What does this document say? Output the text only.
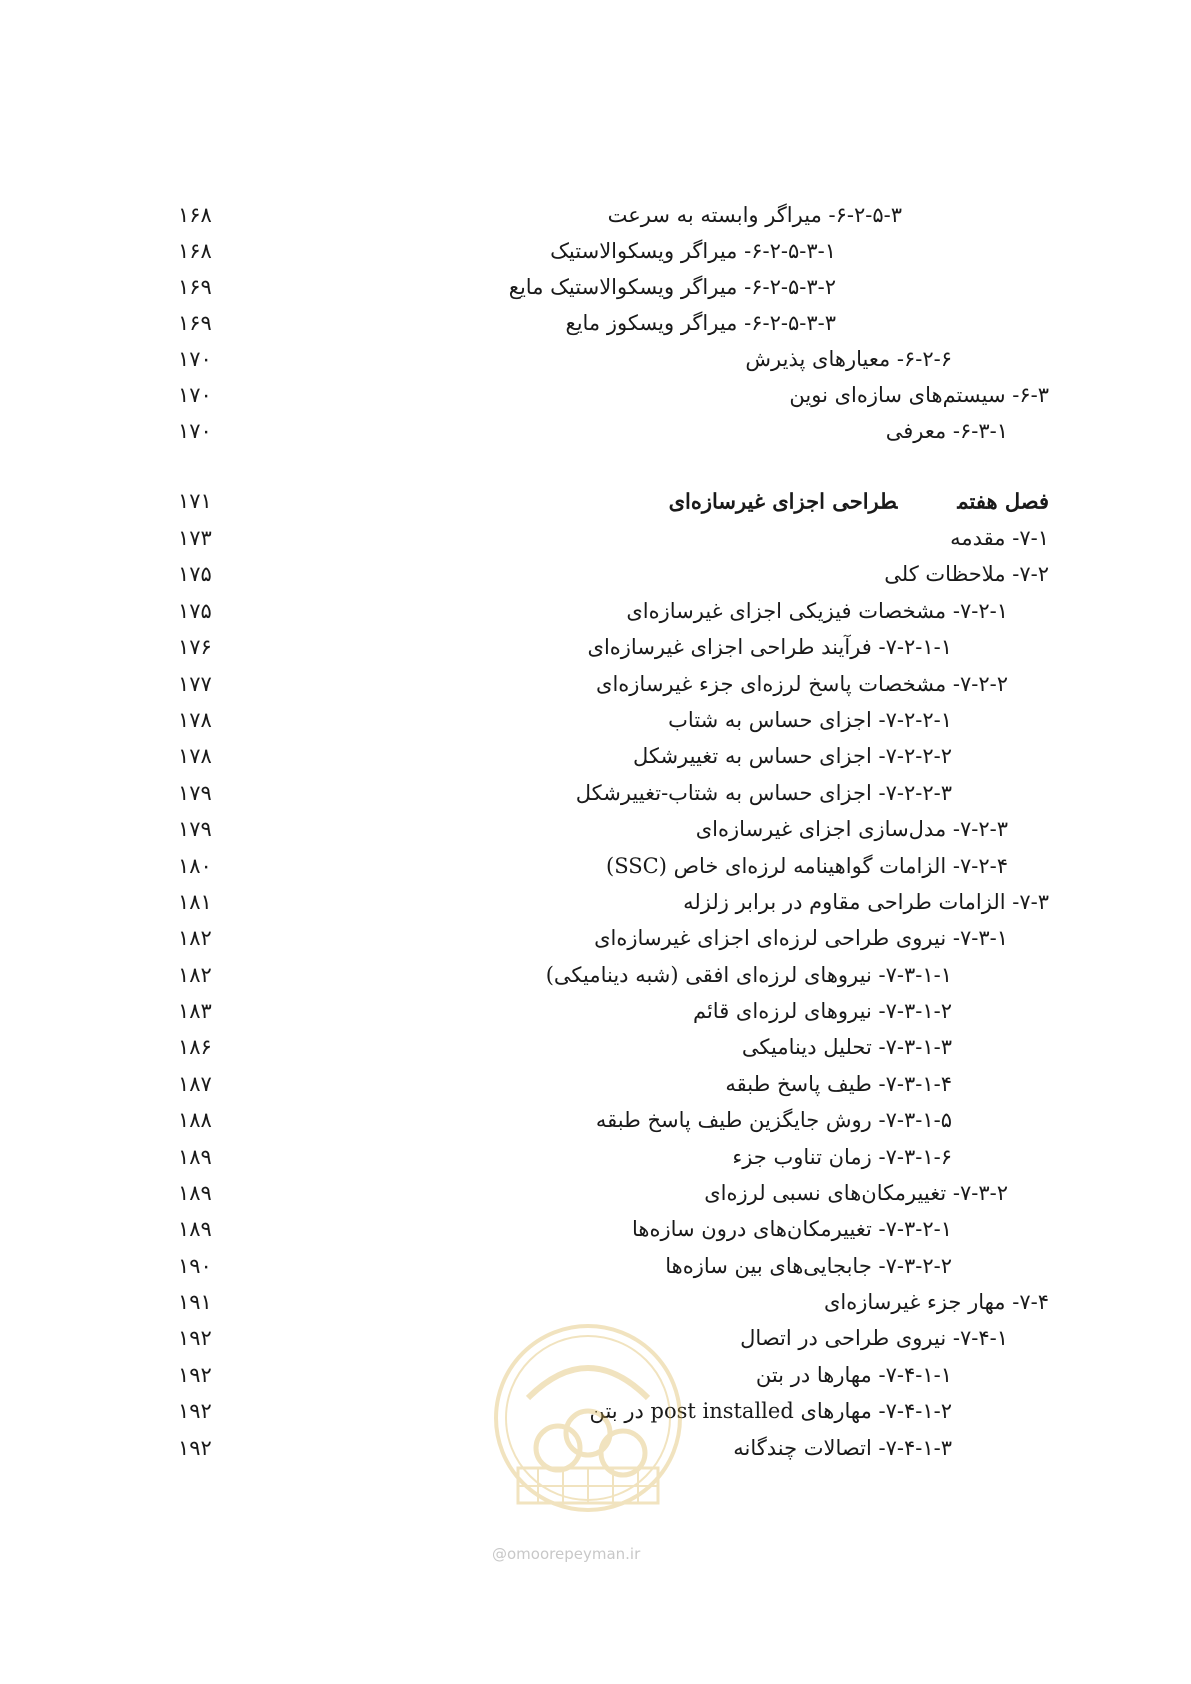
۶-۲-۵-۳- میراگر وابسته به سرعت
۱۶۸
۶-۲-۵-۳-۱- میراگر ویسکوالاستیک
۱۶۸
۶-۲-۵-۳-۲- میراگر ویسکوالاستیک مایع
۱۶۹
۶-۲-۵-۳-۳- میراگر ویسکوز مایع
۱۶۹
۶-۲-۶- معیارهای پذیرش
۱۷۰
۶-۳- سیستم‌های سازه‌ای نوین
۱۷۰
۶-۳-۱- معرفی
۱۷۰
فصل هفتمطراحی اجزای غیرسازه‌ای
۱۷۱
۷-۱- مقدمه
۱۷۳
۷-۲- ملاحظات کلی
۱۷۵
۷-۲-۱- مشخصات فیزیکی اجزای غیرسازه‌ای
۱۷۵
۷-۲-۱-۱- فرآیند طراحی اجزای غیرسازه‌ای
۱۷۶
۷-۲-۲- مشخصات پاسخ لرزه‌ای جزء غیرسازه‌ای
۱۷۷
۷-۲-۲-۱- اجزای حساس به شتاب
۱۷۸
۷-۲-۲-۲- اجزای حساس به تغییرشکل
۱۷۸
۷-۲-۲-۳- اجزای حساس به شتاب-تغییرشکل
۱۷۹
۷-۲-۳- مدل‌سازی اجزای غیرسازه‌ای
۱۷۹
۷-۲-۴- الزامات گواهینامه لرزه‌ای خاص (SSC)
۱۸۰
۷-۳- الزامات طراحی مقاوم در برابر زلزله
۱۸۱
۷-۳-۱- نیروی طراحی لرزه‌ای اجزای غیرسازه‌ای
۱۸۲
۷-۳-۱-۱- نیروهای لرزه‌ای افقی (شبه دینامیکی)
۱۸۲
۷-۳-۱-۲- نیروهای لرزه‌ای قائم
۱۸۳
۷-۳-۱-۳- تحلیل دینامیکی
۱۸۶
۷-۳-۱-۴- طیف پاسخ طبقه
۱۸۷
۷-۳-۱-۵- روش جایگزین طیف پاسخ طبقه
۱۸۸
۷-۳-۱-۶- زمان تناوب جزء
۱۸۹
۷-۳-۲- تغییرمکان‌های نسبی لرزه‌ای
۱۸۹
۷-۳-۲-۱- تغییرمکان‌های درون سازه‌ها
۱۸۹
۷-۳-۲-۲- جابجایی‌های بین سازه‌ها
۱۹۰
۷-۴- مهار جزء غیرسازه‌ای
۱۹۱
۷-۴-۱- نیروی طراحی در اتصال
۱۹۲
۷-۴-۱-۱- مهارها در بتن
۱۹۲
۷-۴-۱-۲- مهارهای post installed در بتن
۱۹۲
۷-۴-۱-۳- اتصالات چندگانه
۱۹۲
@omoorepeyman.ir
